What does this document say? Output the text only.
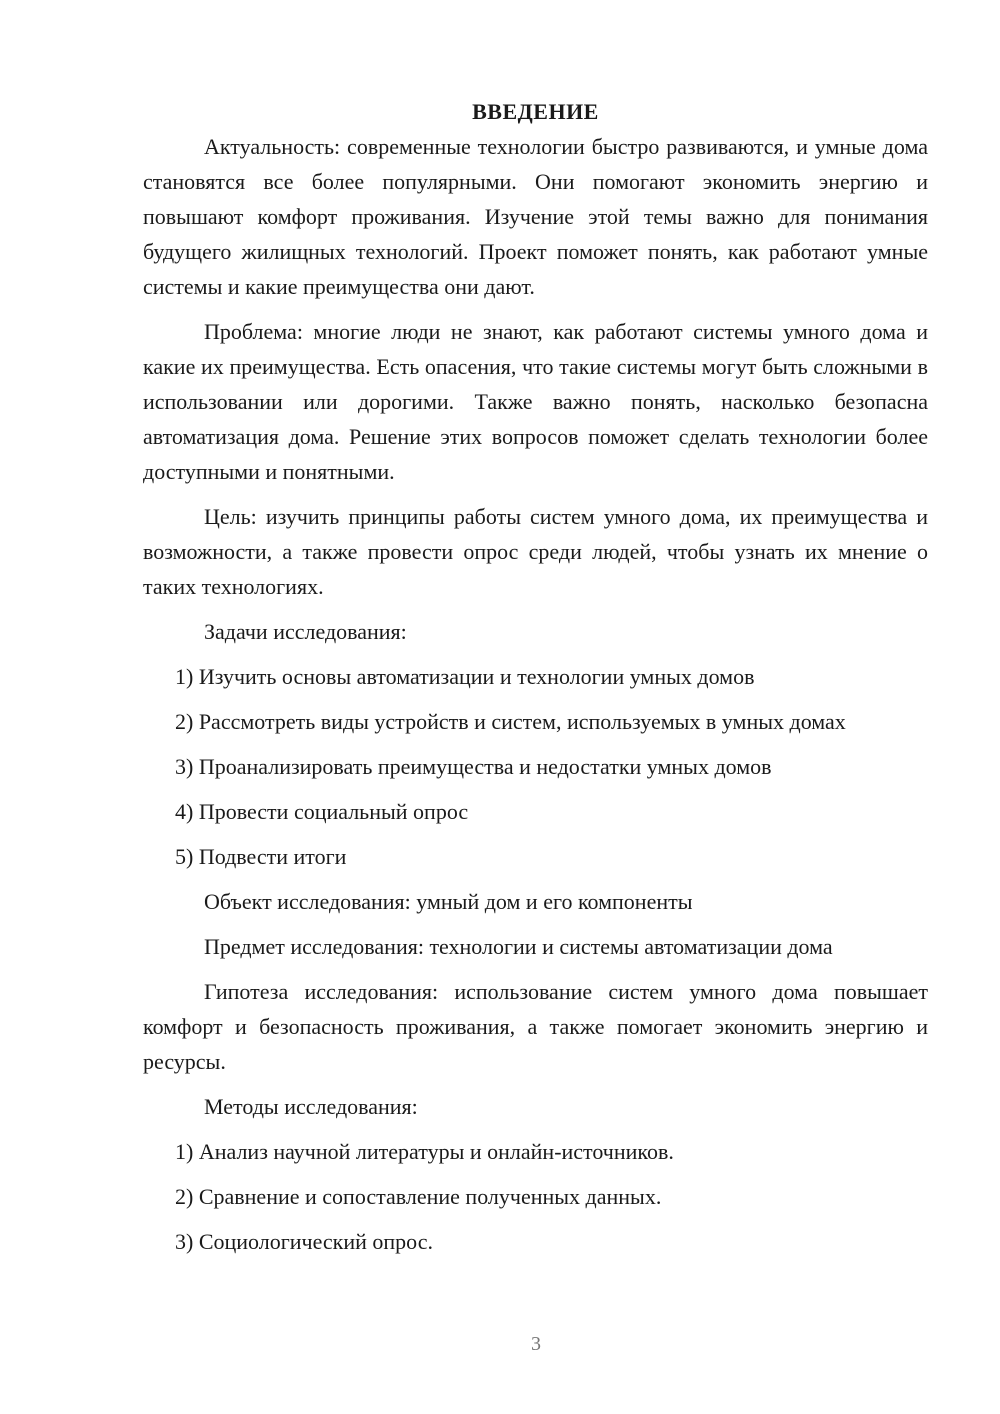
ВВЕДЕНИЕ

Актуальность: современные технологии быстро развиваются, и умные дома становятся все более популярными. Они помогают экономить энергию и повышают комфорт проживания. Изучение этой темы важно для понимания будущего жилищных технологий. Проект поможет понять, как работают умные системы и какие преимущества они дают.

Проблема: многие люди не знают, как работают системы умного дома и какие их преимущества. Есть опасения, что такие системы могут быть сложными в использовании или дорогими. Также важно понять, насколько безопасна автоматизация дома. Решение этих вопросов поможет сделать технологии более доступными и понятными.

Цель: изучить принципы работы систем умного дома, их преимущества и возможности, а также провести опрос среди людей, чтобы узнать их мнение о таких технологиях.

Задачи исследования:
1) Изучить основы автоматизации и технологии умных домов
2) Рассмотреть виды устройств и систем, используемых в умных домах
3) Проанализировать преимущества и недостатки умных домов
4) Провести социальный опрос
5) Подвести итоги
Объект исследования: умный дом и его компоненты
Предмет исследования: технологии и системы автоматизации дома

Гипотеза исследования: использование систем умного дома повышает комфорт и безопасность проживания, а также помогает экономить энергию и ресурсы.

Методы исследования:
1) Анализ научной литературы и онлайн-источников.
2) Сравнение и сопоставление полученных данных.
3) Социологический опрос.
3
